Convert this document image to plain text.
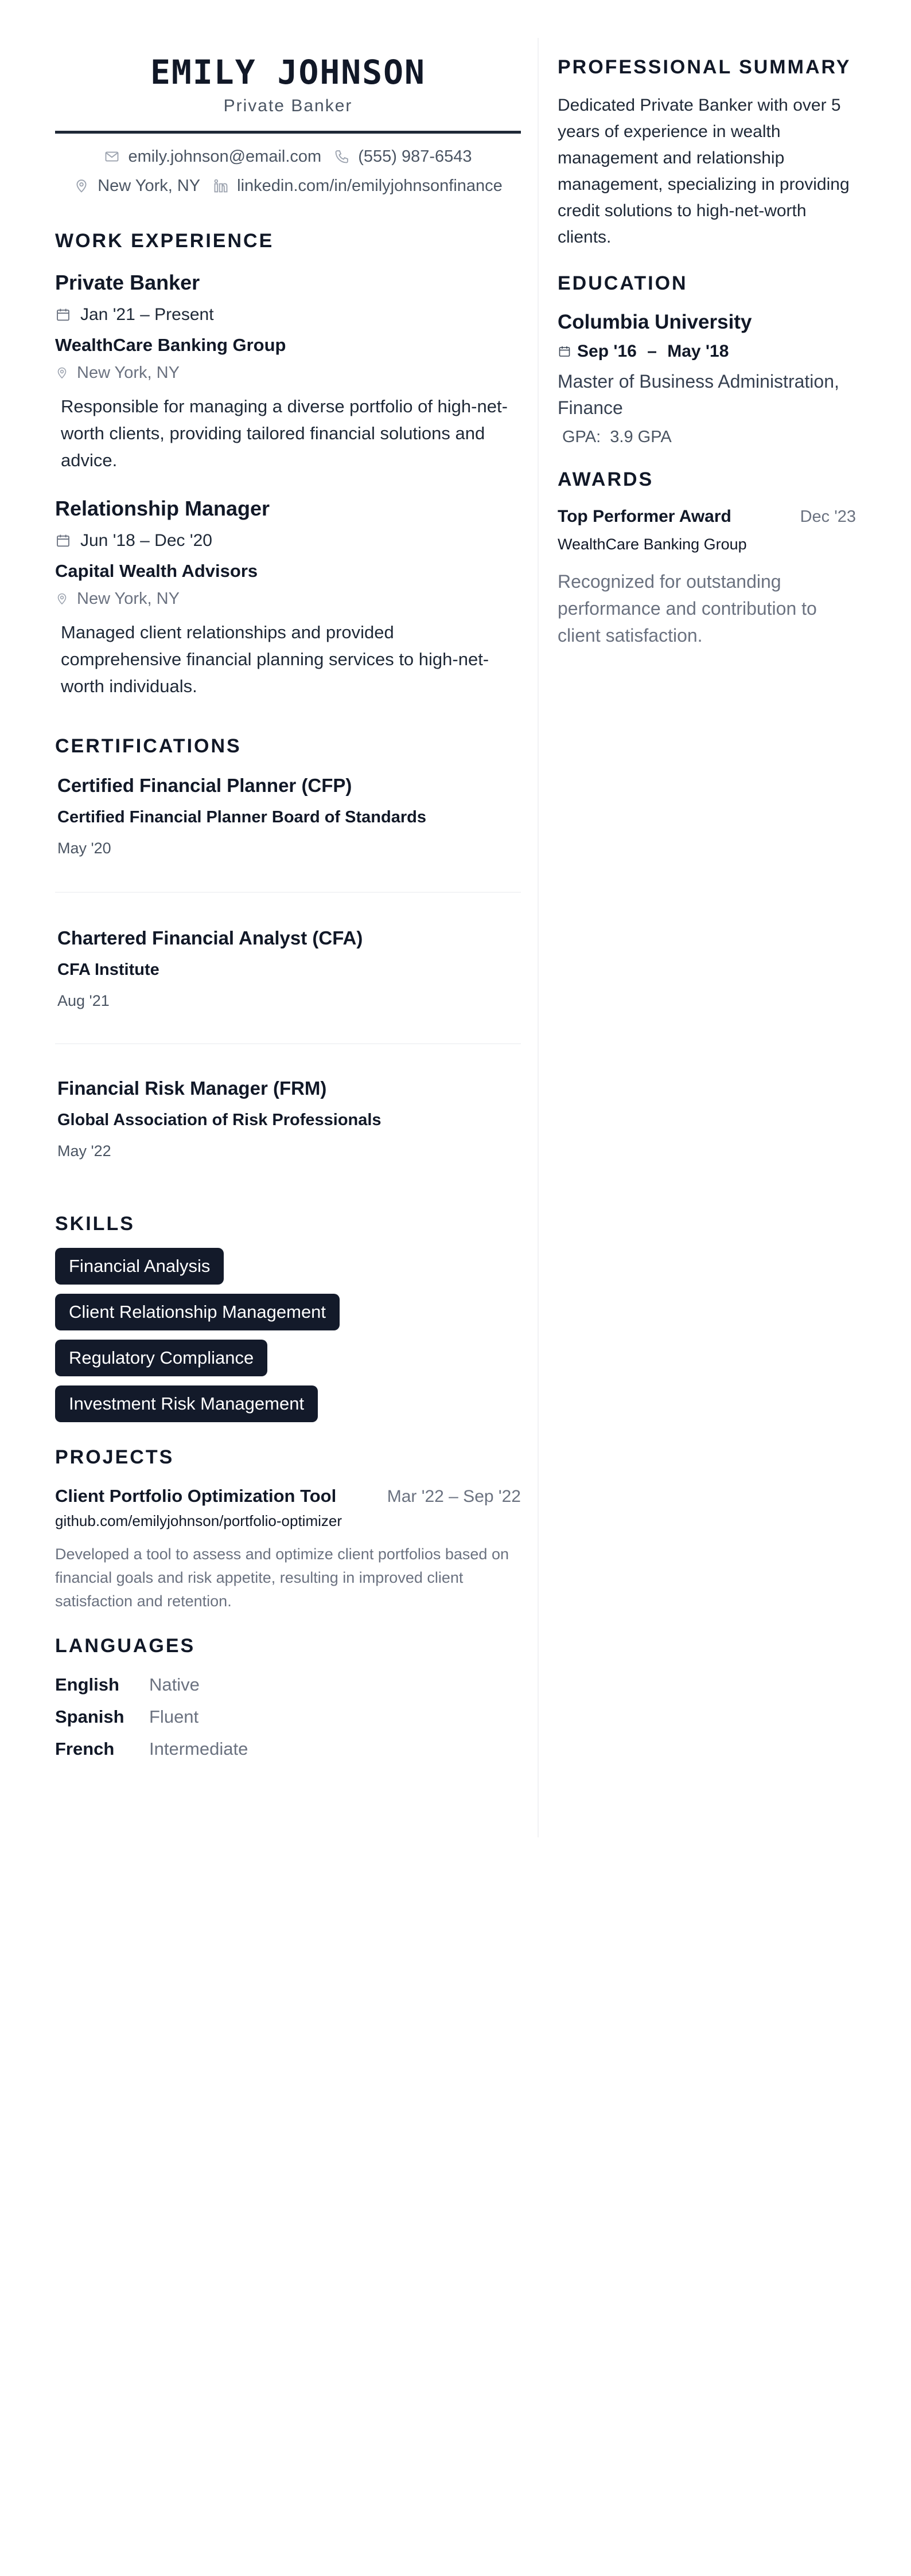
EMILY JOHNSON
Private Banker
emily.johnson@email.com (555) 987-6543
New York, NY linkedin.com/in/emilyjohnsonfinance
WORK EXPERIENCE
Private Banker
Jan '21 – Present
WealthCare Banking Group
New York, NY
Responsible for managing a diverse portfolio of high-net-worth clients, providing tailored financial solutions and advice.
Relationship Manager
Jun '18 – Dec '20
Capital Wealth Advisors
New York, NY
Managed client relationships and provided comprehensive financial planning services to high-net-worth individuals.
CERTIFICATIONS
Certified Financial Planner (CFP)
Certified Financial Planner Board of Standards
May '20
Chartered Financial Analyst (CFA)
CFA Institute
Aug '21
Financial Risk Manager (FRM)
Global Association of Risk Professionals
May '22
SKILLS
Financial Analysis
Client Relationship Management
Regulatory Compliance
Investment Risk Management
PROJECTS
Client Portfolio Optimization Tool	Mar '22 – Sep '22
github.com/emilyjohnson/portfolio-optimizer
Developed a tool to assess and optimize client portfolios based on financial goals and risk appetite, resulting in improved client satisfaction and retention.
LANGUAGES
English	Native
Spanish	Fluent
French	Intermediate
PROFESSIONAL SUMMARY
Dedicated Private Banker with over 5 years of experience in wealth management and relationship management, specializing in providing credit solutions to high-net-worth clients.
EDUCATION
Columbia University
Sep '16 – May '18
Master of Business Administration, Finance
GPA: 3.9 GPA
AWARDS
Top Performer Award	Dec '23
WealthCare Banking Group
Recognized for outstanding performance and contribution to client satisfaction.
